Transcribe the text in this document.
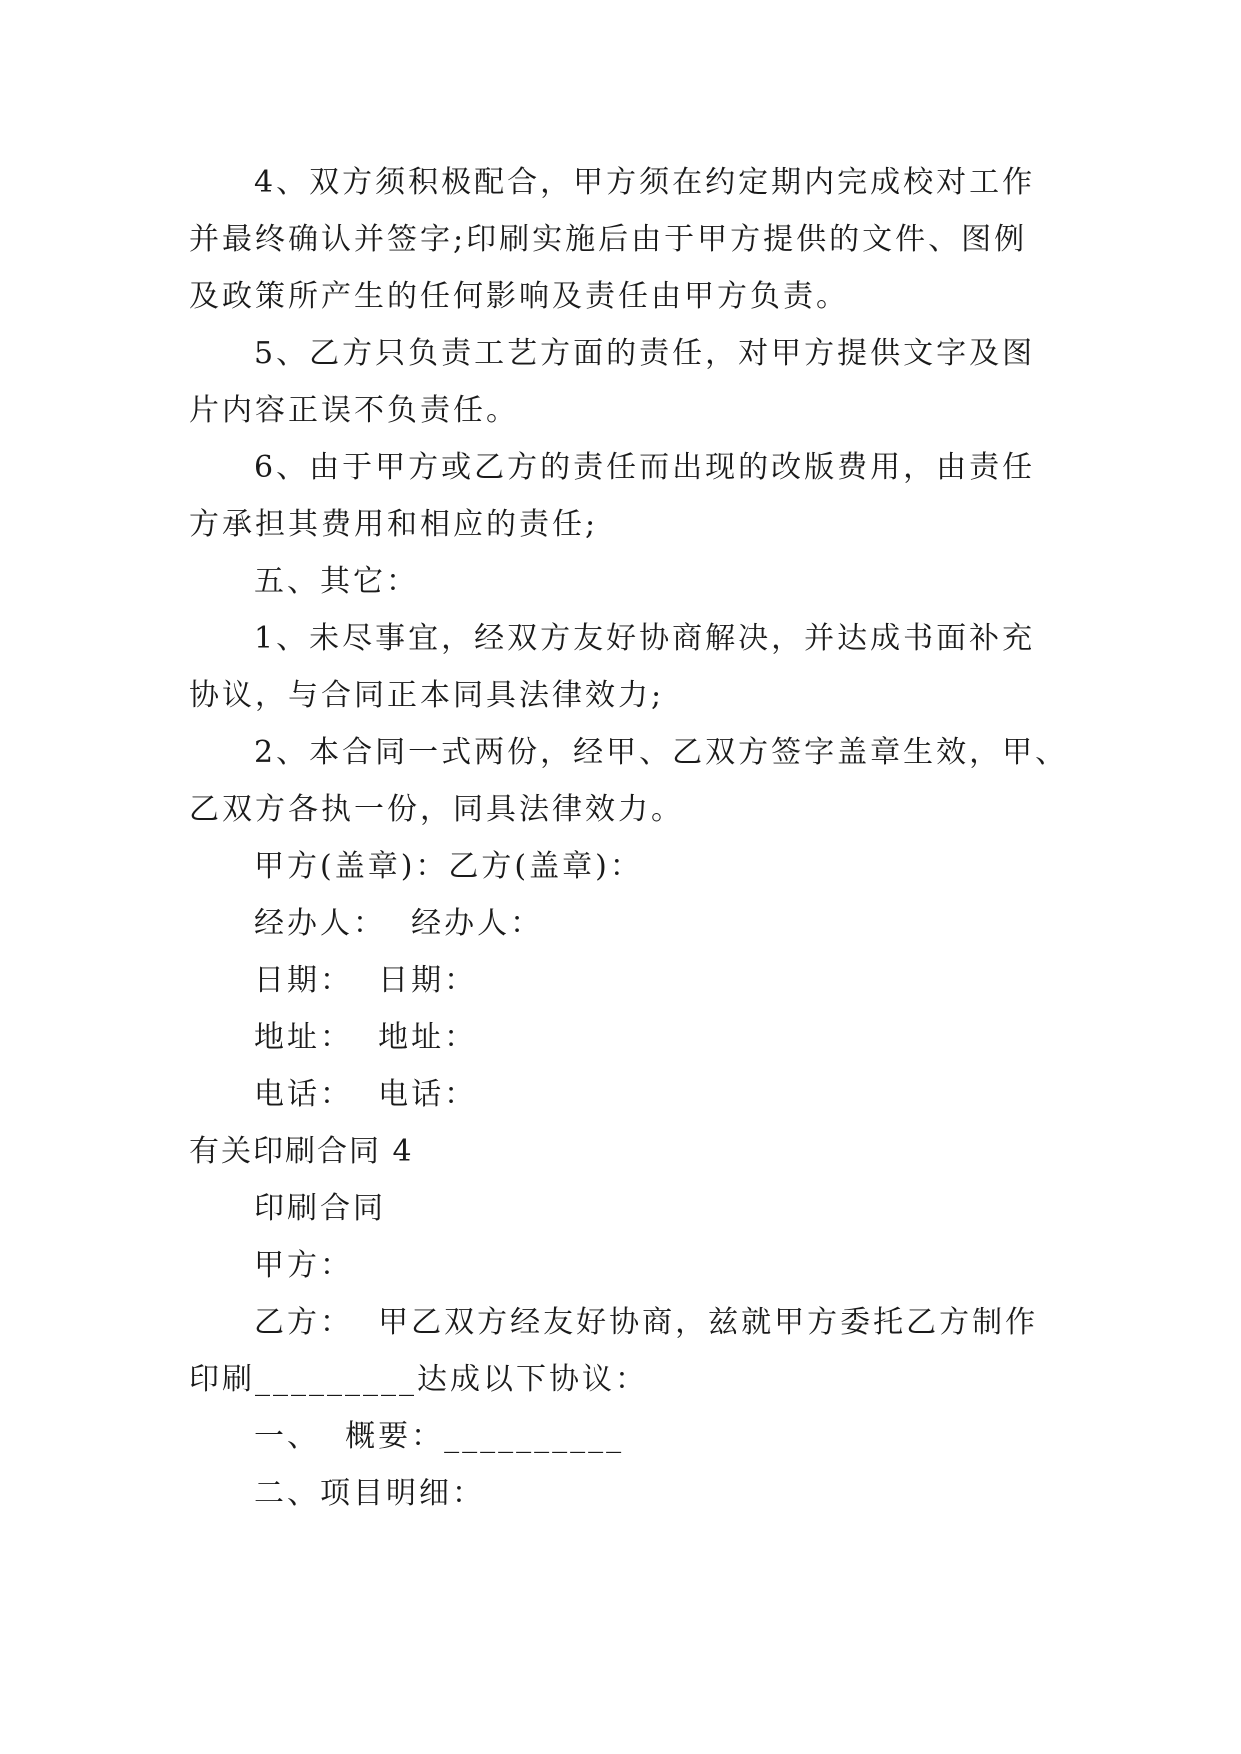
4、双方须积极配合，甲方须在约定期内完成校对工作
并最终确认并签字;印刷实施后由于甲方提供的文件、图例
及政策所产生的任何影响及责任由甲方负责。
5、乙方只负责工艺方面的责任，对甲方提供文字及图
片内容正误不负责任。
6、由于甲方或乙方的责任而出现的改版费用，由责任
方承担其费用和相应的责任;
五、其它：
1、未尽事宜，经双方友好协商解决，并达成书面补充
协议，与合同正本同具法律效力;
2、本合同一式两份，经甲、乙双方签字盖章生效，甲、
乙双方各执一份，同具法律效力。
甲方(盖章)：乙方(盖章)：
经办人：  经办人：
日期：  日期：
地址：  地址：
电话：  电话：
有关印刷合同 4
印刷合同
甲方：
乙方：  甲乙双方经友好协商，兹就甲方委托乙方制作
印刷_________达成以下协议：
一、  概要：__________
二、项目明细：
